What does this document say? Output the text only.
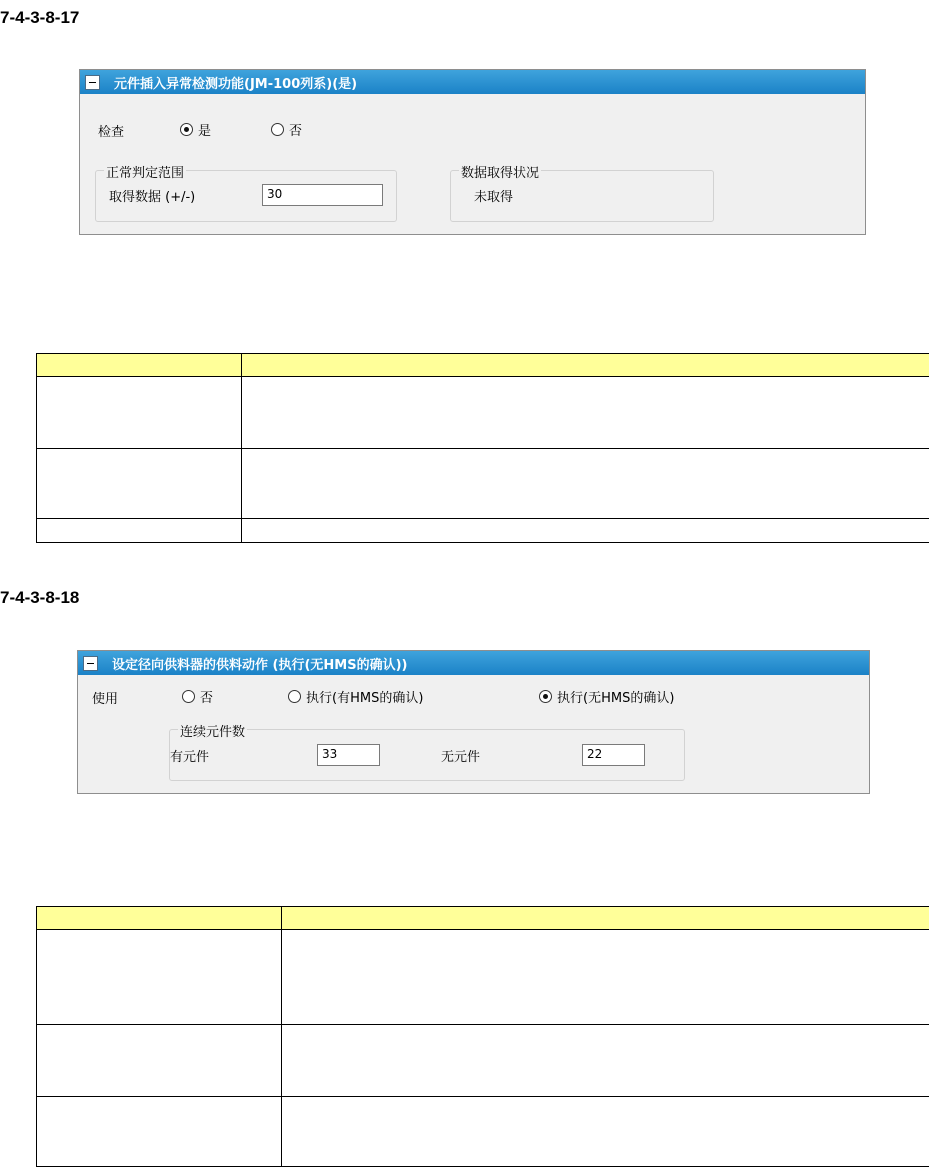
7-4-3-8-17
元件插入异常检测功能(JM-100列系)(是)
检查	是	否
正常判定范围
取得数据 (+/-)	30
数据取得状况
未取得

7-4-3-8-18
设定径向供料器的供料动作 (执行(无HMS的确认))
使用	否	执行(有HMS的确认)	执行(无HMS的确认)
连续元件数
有元件	33	无元件	22
